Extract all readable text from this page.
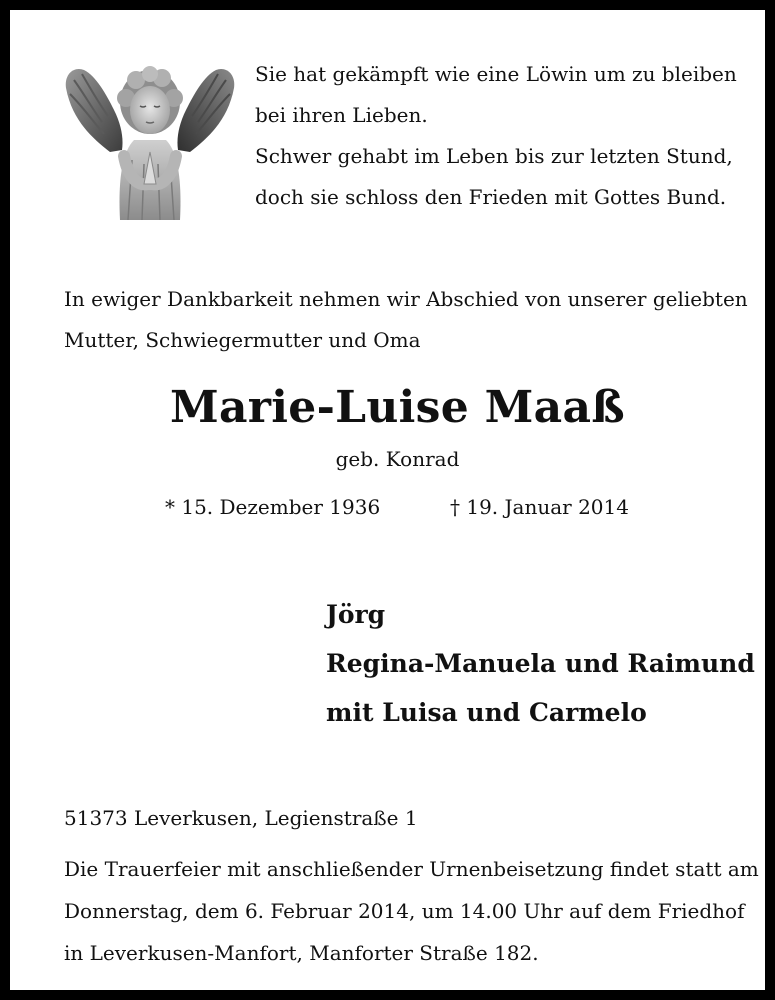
Sie hat gekämpft wie eine Löwin um zu bleiben
bei ihren Lieben.
Schwer gehabt im Leben bis zur letzten Stund,
doch sie schloss den Frieden mit Gottes Bund.
In ewiger Dankbarkeit nehmen wir Abschied von unserer geliebten
Mutter, Schwiegermutter und Oma
Marie-Luise Maaß
geb. Konrad
* 15. Dezember 1936	† 19. Januar 2014
Jörg
Regina-Manuela und Raimund
mit Luisa und Carmelo
51373 Leverkusen, Legienstraße 1
Die Trauerfeier mit anschließender Urnenbeisetzung findet statt am
Donnerstag, dem 6. Februar 2014, um 14.00 Uhr auf dem Friedhof
in Leverkusen-Manfort, Manforter Straße 182.
